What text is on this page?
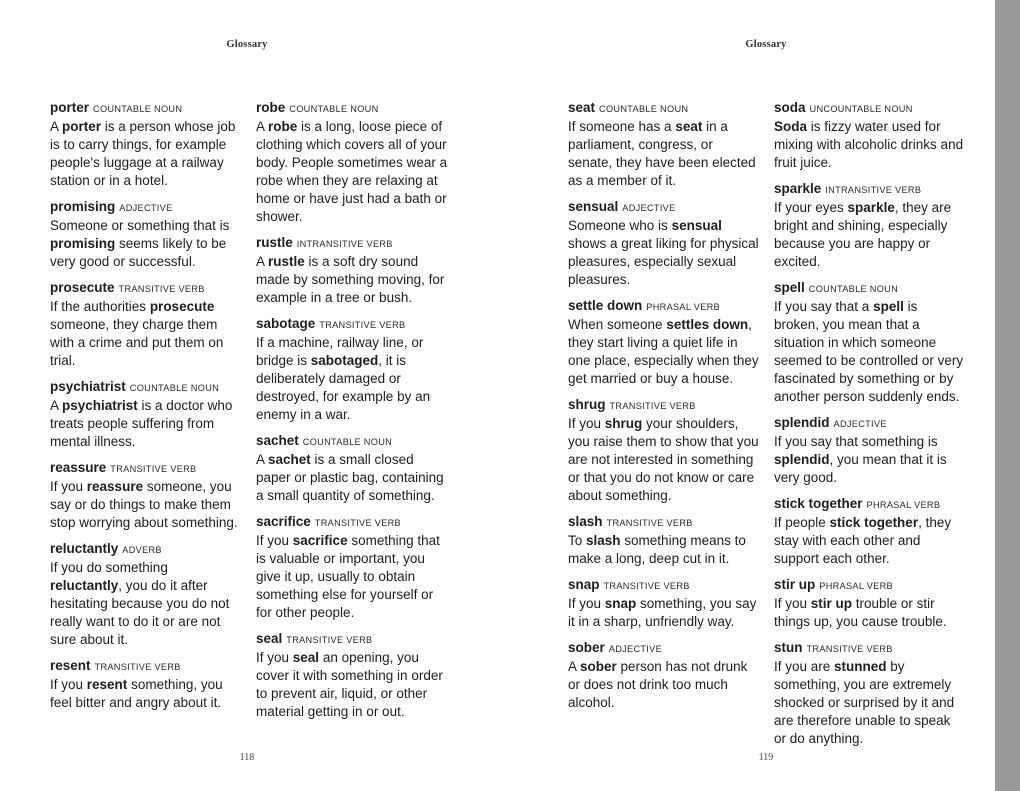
Glossary
porter COUNTABLE NOUN

A porter is a person whose job is to carry things, for example people's luggage at a railway station or in a hotel.

promising ADJECTIVE

Someone or something that is promising seems likely to be very good or successful.

prosecute TRANSITIVE VERB

If the authorities prosecute someone, they charge them with a crime and put them on trial.

psychiatrist COUNTABLE NOUN

A psychiatrist is a doctor who treats people suffering from mental illness.

reassure TRANSITIVE VERB

If you reassure someone, you say or do things to make them stop worrying about something.

reluctantly ADVERB

If you do something reluctantly, you do it after hesitating because you do not really want to do it or are not sure about it.

resent TRANSITIVE VERB

If you resent something, you feel bitter and angry about it.

robe COUNTABLE NOUN

A robe is a long, loose piece of clothing which covers all of your body. People sometimes wear a robe when they are relaxing at home or have just had a bath or shower.

rustle INTRANSITIVE VERB

A rustle is a soft dry sound made by something moving, for example in a tree or bush.

sabotage TRANSITIVE VERB

If a machine, railway line, or bridge is sabotaged, it is deliberately damaged or destroyed, for example by an enemy in a war.

sachet COUNTABLE NOUN

A sachet is a small closed paper or plastic bag, containing a small quantity of something.

sacrifice TRANSITIVE VERB

If you sacrifice something that is valuable or important, you give it up, usually to obtain something else for yourself or for other people.

seal TRANSITIVE VERB

If you seal an opening, you cover it with something in order to prevent air, liquid, or other material getting in or out.

118
Glossary
seat COUNTABLE NOUN

If someone has a seat in a parliament, congress, or senate, they have been elected as a member of it.

sensual ADJECTIVE

Someone who is sensual shows a great liking for physical pleasures, especially sexual pleasures.

settle down PHRASAL VERB

When someone settles down, they start living a quiet life in one place, especially when they get married or buy a house.

shrug TRANSITIVE VERB

If you shrug your shoulders, you raise them to show that you are not interested in something or that you do not know or care about something.

slash TRANSITIVE VERB

To slash something means to make a long, deep cut in it.

snap TRANSITIVE VERB

If you snap something, you say it in a sharp, unfriendly way.

sober ADJECTIVE

A sober person has not drunk or does not drink too much alcohol.

soda UNCOUNTABLE NOUN

Soda is fizzy water used for mixing with alcoholic drinks and fruit juice.

sparkle INTRANSITIVE VERB

If your eyes sparkle, they are bright and shining, especially because you are happy or excited.

spell COUNTABLE NOUN

If you say that a spell is broken, you mean that a situation in which someone seemed to be controlled or very fascinated by something or by another person suddenly ends.

splendid ADJECTIVE

If you say that something is splendid, you mean that it is very good.

stick together PHRASAL VERB

If people stick together, they stay with each other and support each other.

stir up PHRASAL VERB

If you stir up trouble or stir things up, you cause trouble.

stun TRANSITIVE VERB

If you are stunned by something, you are extremely shocked or surprised by it and are therefore unable to speak or do anything.

119
